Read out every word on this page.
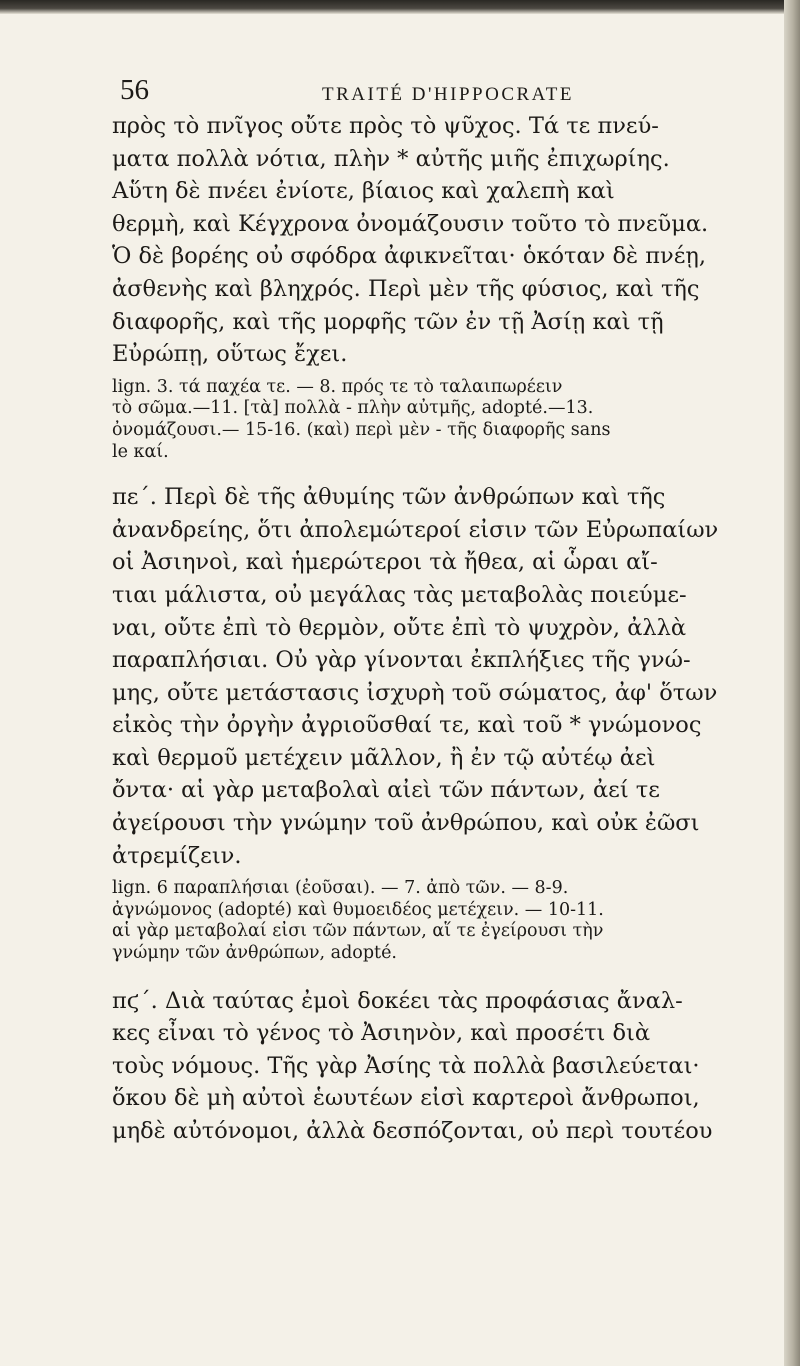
56	TRAITÉ D'HIPPOCRATE

πρὸς τὸ πνῖγος οὔτε πρὸς τὸ ψῦχος. Τά τε πνεύ-
ματα πολλὰ νότια, πλὴν * αὐτῆς μιῆς ἐπιχωρίης.
Αὕτη δὲ πνέει ἐνίοτε, βίαιος καὶ χαλεπὴ καὶ
θερμὴ, καὶ Κέγχρονα ὀνομάζουσιν τοῦτο τὸ πνεῦμα.
Ὁ δὲ βορέης οὐ σφόδρα ἀφικνεῖται· ὁκόταν δὲ πνέῃ,
ἀσθενὴς καὶ βληχρός. Περὶ μὲν τῆς φύσιος, καὶ τῆς
διαφορῆς, καὶ τῆς μορφῆς τῶν ἐν τῇ Ἀσίῃ καὶ τῇ
Εὐρώπῃ, οὕτως ἔχει.

lign. 3. τά παχέα τε. — 8. πρός τε τὸ ταλαιπωρέειν
τὸ σῶμα.—11. [τὰ] πολλὰ - πλὴν αὐτμῆς, adopté.—13.
ὀνομάζουσι.— 15-16. (καὶ) περὶ μὲν - τῆς διαφορῆς sans
le καί.

πε΄. Περὶ δὲ τῆς ἀθυμίης τῶν ἀνθρώπων καὶ τῆς
ἀνανδρείης, ὅτι ἀπολεμώτεροί εἰσιν τῶν Εὐρωπαίων
οἱ Ἀσιηνοὶ, καὶ ἡμερώτεροι τὰ ἤθεα, αἱ ὧραι αἴ-
τιαι μάλιστα, οὐ μεγάλας τὰς μεταβολὰς ποιεύμε-
ναι, οὔτε ἐπὶ τὸ θερμὸν, οὔτε ἐπὶ τὸ ψυχρὸν, ἀλλὰ
παραπλήσιαι. Οὐ γὰρ γίνονται ἐκπλήξιες τῆς γνώ-
μης, οὔτε μετάστασις ἰσχυρὴ τοῦ σώματος, ἀφ' ὅτων
εἰκὸς τὴν ὀργὴν ἀγριοῦσθαί τε, καὶ τοῦ * γνώμονος
καὶ θερμοῦ μετέχειν μᾶλλον, ἢ ἐν τῷ αὐτέῳ ἀεὶ
ὄντα· αἱ γὰρ μεταβολαὶ αἰεὶ τῶν πάντων, ἀεί τε
ἀγείρουσι τὴν γνώμην τοῦ ἀνθρώπου, καὶ οὐκ ἐῶσι
ἀτρεμίζειν.

lign. 6 παραπλήσιαι (ἐοῦσαι). — 7. ἀπὸ τῶν. — 8-9.
ἀγνώμονος (adopté) καὶ θυμοειδέος μετέχειν. — 10-11.
αἱ γὰρ μεταβολαί εἰσι τῶν πάντων, αἵ τε ἐγείρουσι τὴν
γνώμην τῶν ἀνθρώπων, adopté.

πϛ΄. Διὰ ταύτας ἐμοὶ δοκέει τὰς προφάσιας ἄναλ-
κες εἶναι τὸ γένος τὸ Ἀσιηνὸν, καὶ προσέτι διὰ
τοὺς νόμους. Τῆς γὰρ Ἀσίης τὰ πολλὰ βασιλεύεται·
ὅκου δὲ μὴ αὐτοὶ ἑωυτέων εἰσὶ καρτεροὶ ἄνθρωποι,
μηδὲ αὐτόνομοι, ἀλλὰ δεσπόζονται, οὐ περὶ τουτέου
